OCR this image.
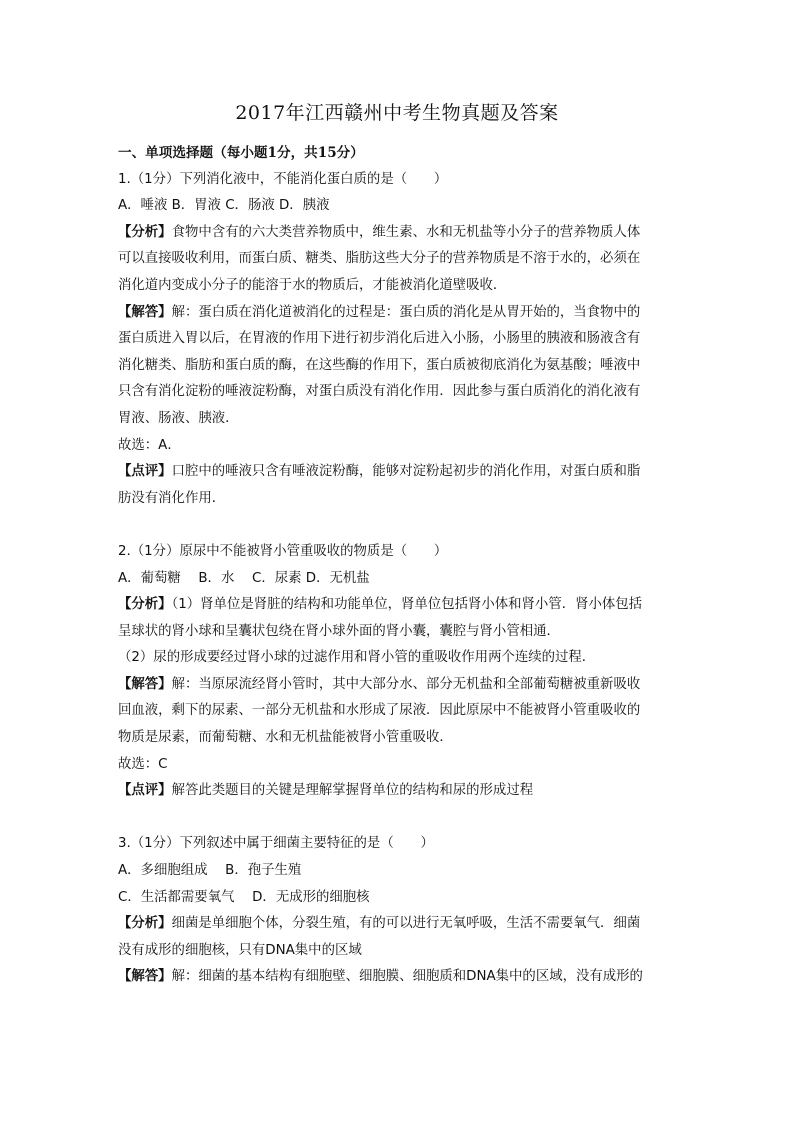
2017年江西赣州中考生物真题及答案
一、单项选择题（每小题1分，共15分）
1.（1分）下列消化液中，不能消化蛋白质的是（　　）
A．唾液 B．胃液 C．肠液 D．胰液
【分析】食物中含有的六大类营养物质中，维生素、水和无机盐等小分子的营养物质人体
可以直接吸收利用，而蛋白质、糖类、脂肪这些大分子的营养物质是不溶于水的，必须在
消化道内变成小分子的能溶于水的物质后，才能被消化道壁吸收．
【解答】解：蛋白质在消化道被消化的过程是：蛋白质的消化是从胃开始的，当食物中的
蛋白质进入胃以后，在胃液的作用下进行初步消化后进入小肠，小肠里的胰液和肠液含有
消化糖类、脂肪和蛋白质的酶，在这些酶的作用下，蛋白质被彻底消化为氨基酸；唾液中
只含有消化淀粉的唾液淀粉酶，对蛋白质没有消化作用．因此参与蛋白质消化的消化液有
胃液、肠液、胰液．
故选：A．
【点评】口腔中的唾液只含有唾液淀粉酶，能够对淀粉起初步的消化作用，对蛋白质和脂
肪没有消化作用．
2.（1分）原尿中不能被肾小管重吸收的物质是（　　）
A．葡萄糖　 B．水　 C．尿素 D．无机盐
【分析】（1）肾单位是肾脏的结构和功能单位，肾单位包括肾小体和肾小管．肾小体包括
呈球状的肾小球和呈囊状包绕在肾小球外面的肾小囊，囊腔与肾小管相通．
（2）尿的形成要经过肾小球的过滤作用和肾小管的重吸收作用两个连续的过程．
【解答】解：当原尿流经肾小管时，其中大部分水、部分无机盐和全部葡萄糖被重新吸收
回血液，剩下的尿素、一部分无机盐和水形成了尿液．因此原尿中不能被肾小管重吸收的
物质是尿素，而葡萄糖、水和无机盐能被肾小管重吸收．
故选：C
【点评】解答此类题目的关键是理解掌握肾单位的结构和尿的形成过程
3.（1分）下列叙述中属于细菌主要特征的是（　　）
A．多细胞组成　 B．孢子生殖
C．生活都需要氧气　 D．无成形的细胞核
【分析】细菌是单细胞个体，分裂生殖，有的可以进行无氧呼吸，生活不需要氧气．细菌
没有成形的细胞核，只有DNA集中的区域
【解答】解：细菌的基本结构有细胞壁、细胞膜、细胞质和DNA集中的区域，没有成形的
